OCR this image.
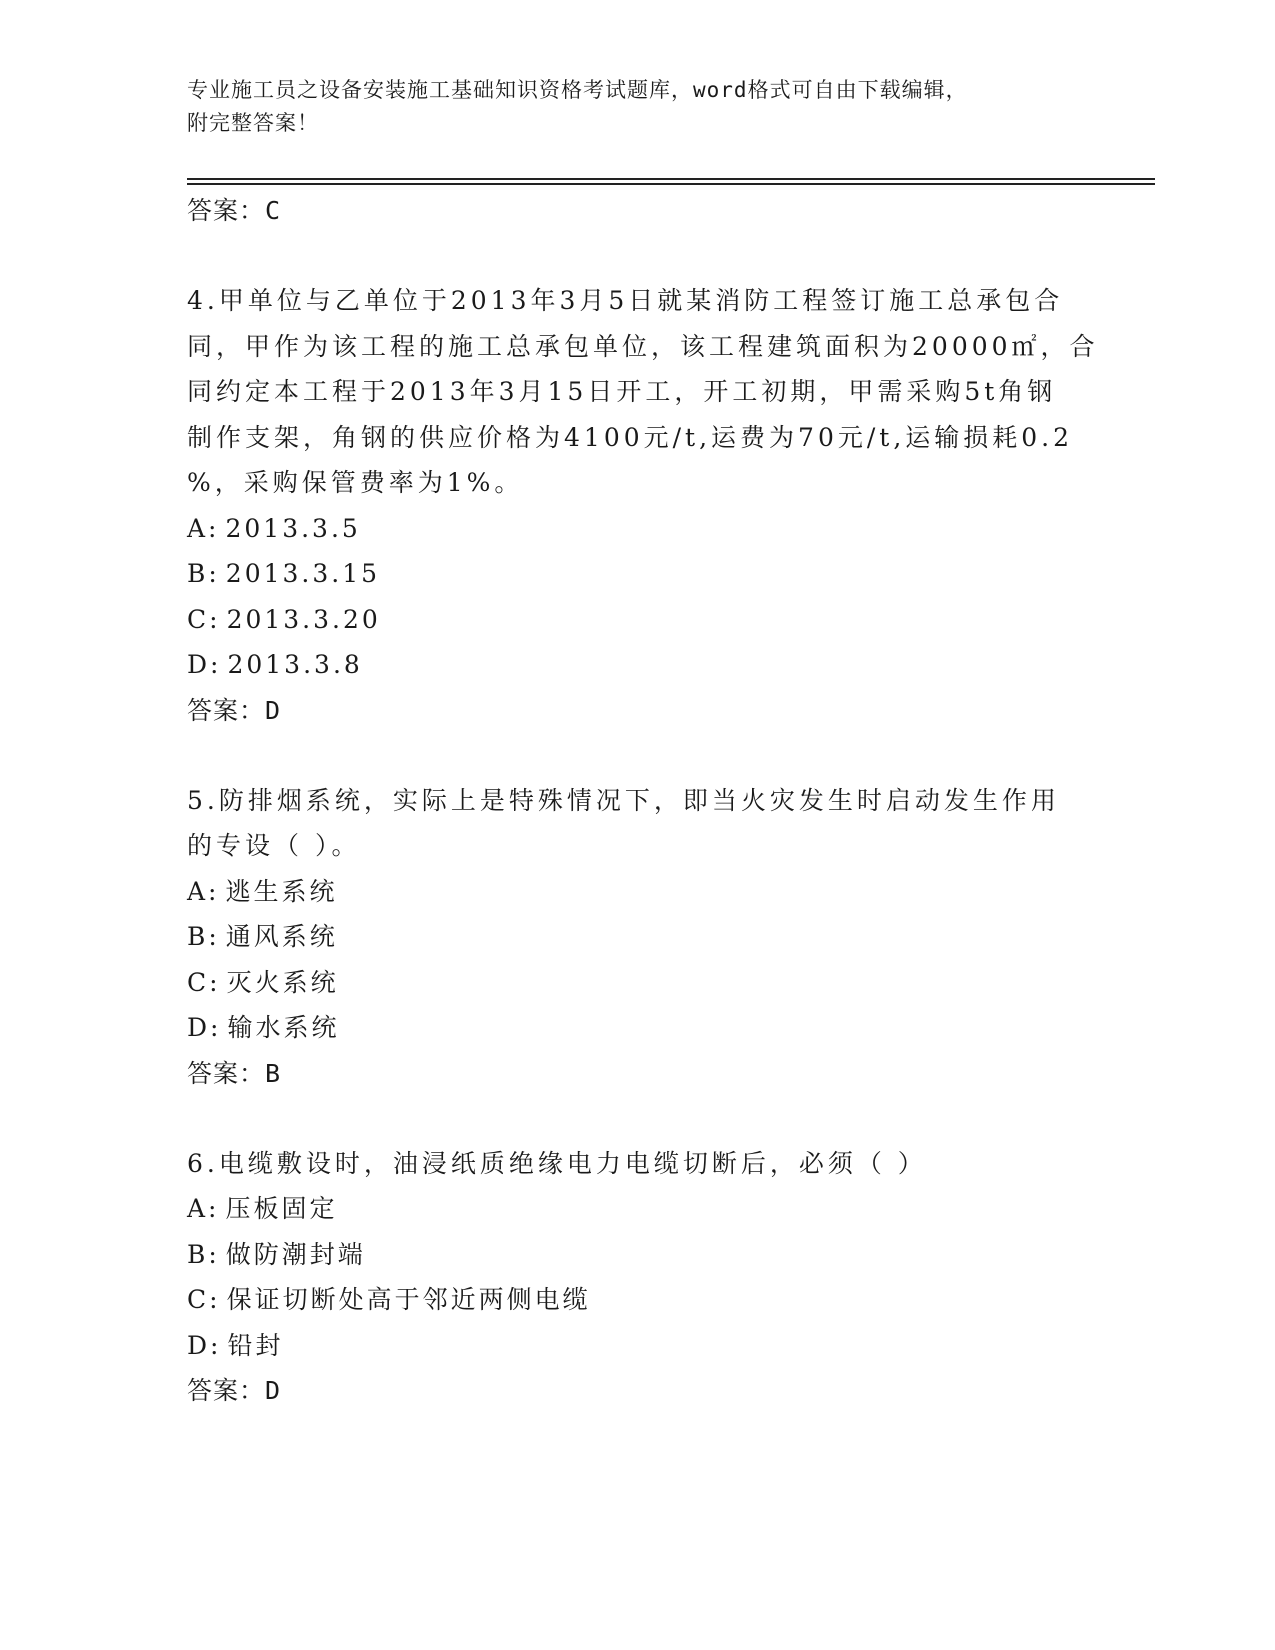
专业施工员之设备安装施工基础知识资格考试题库，word格式可自由下载编辑，
附完整答案！
答案：C
4.甲单位与乙单位于2013年3月5日就某消防工程签订施工总承包合
同，甲作为该工程的施工总承包单位，该工程建筑面积为20000㎡，合
同约定本工程于2013年3月15日开工，开工初期，甲需采购5t角钢
制作支架，角钢的供应价格为4100元/t,运费为70元/t,运输损耗0.2
%，采购保管费率为1%。
A: 2013.3.5
B: 2013.3.15
C: 2013.3.20
D: 2013.3.8
答案：D
5.防排烟系统，实际上是特殊情况下，即当火灾发生时启动发生作用
的专设（ ）。
A: 逃生系统
B: 通风系统
C: 灭火系统
D: 输水系统
答案：B
6.电缆敷设时，油浸纸质绝缘电力电缆切断后，必须（ ）
A: 压板固定
B: 做防潮封端
C: 保证切断处高于邻近两侧电缆
D: 铅封
答案：D
